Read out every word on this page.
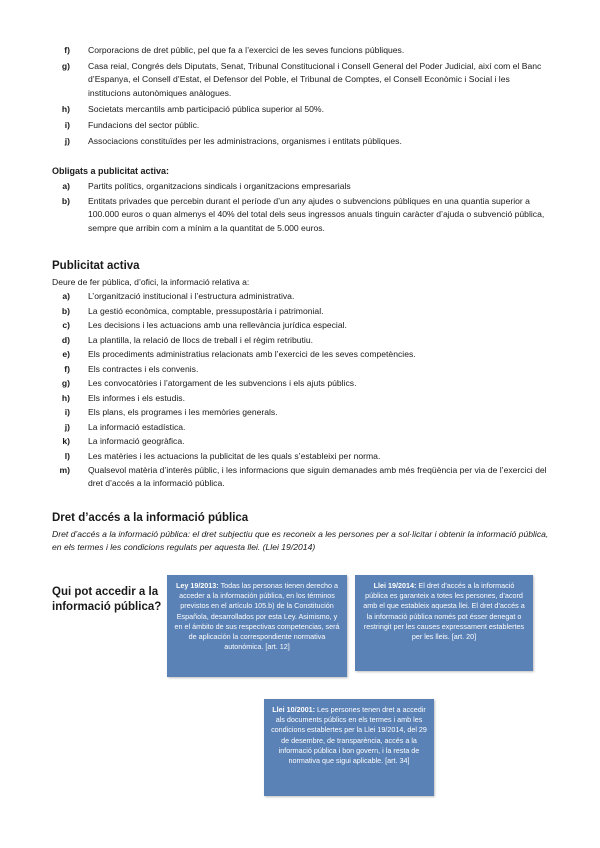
f)	Corporacions de dret públic, pel que fa a l’exercici de les seves funcions públiques.
g)	Casa reial, Congrés dels Diputats, Senat, Tribunal Constitucional i Consell General del Poder Judicial, així com el Banc d’Espanya, el Consell d’Estat, el Defensor del Poble, el Tribunal de Comptes, el Consell Econòmic i Social i les institucions autonòmiques anàlogues.
h)	Societats mercantils amb participació pública superior al 50%.
i)	Fundacions del sector públic.
j)	Associacions constituïdes per les administracions, organismes i entitats públiques.
Obligats a publicitat activa:
a)	Partits polítics, organitzacions sindicals i organitzacions empresarials
b)	Entitats privades que percebin durant el període d’un any ajudes o subvencions públiques en una quantia superior a 100.000 euros o quan almenys el 40% del total dels seus ingressos anuals tinguin caràcter d’ajuda o subvenció pública, sempre que arribin com a mínim a la quantitat de 5.000 euros.
Publicitat activa
Deure de fer pública, d’ofici, la informació relativa a:
a)	L’organització institucional i l’estructura administrativa.
b)	La gestió econòmica, comptable, pressupostària i patrimonial.
c)	Les decisions i les actuacions amb una rellevància jurídica especial.
d)	La plantilla, la relació de llocs de treball i el règim retributiu.
e)	Els procediments administratius relacionats amb l’exercici de les seves competències.
f)	Els contractes i els convenis.
g)	Les convocatòries i l’atorgament de les subvencions i els ajuts públics.
h)	Els informes i els estudis.
i)	Els plans, els programes i les memòries generals.
j)	La informació estadística.
k)	La informació geogràfica.
l)	Les matèries i les actuacions la publicitat de les quals s’estableixi per norma.
m)	Qualsevol matèria d’interès públic, i les informacions que siguin demanades amb més freqüència per via de l’exercici del dret d’accés a la informació pública.
Dret d’accés a la informació pública
Dret d’accés a la informació pública: el dret subjectiu que es reconeix a les persones per a sol·licitar i obtenir la informació pública, en els termes i les condicions regulats per aquesta llei. (Llei 19/2014)
Qui pot accedir a la informació pública?
Ley 19/2013: Todas las personas tienen derecho a acceder a la información pública, en los términos previstos en el artículo 105.b) de la Constitución Española, desarrollados por esta Ley. Asimismo, y en el ámbito de sus respectivas competencias, será de aplicación la correspondiente normativa autonómica. [art. 12]
Llei 19/2014: El dret d’accés a la informació pública es garanteix a totes les persones, d’acord amb el que estableix aquesta llei. El dret d’accés a la informació pública només pot ésser denegat o restringit per les causes expressament establertes per les lleis. [art. 20]
Llei 10/2001: Les persones tenen dret a accedir als documents públics en els termes i amb les condicions establertes per la Llei 19/2014, del 29 de desembre, de transparència, accés a la informació pública i bon govern, i la resta de normativa que sigui aplicable. [art. 34]
